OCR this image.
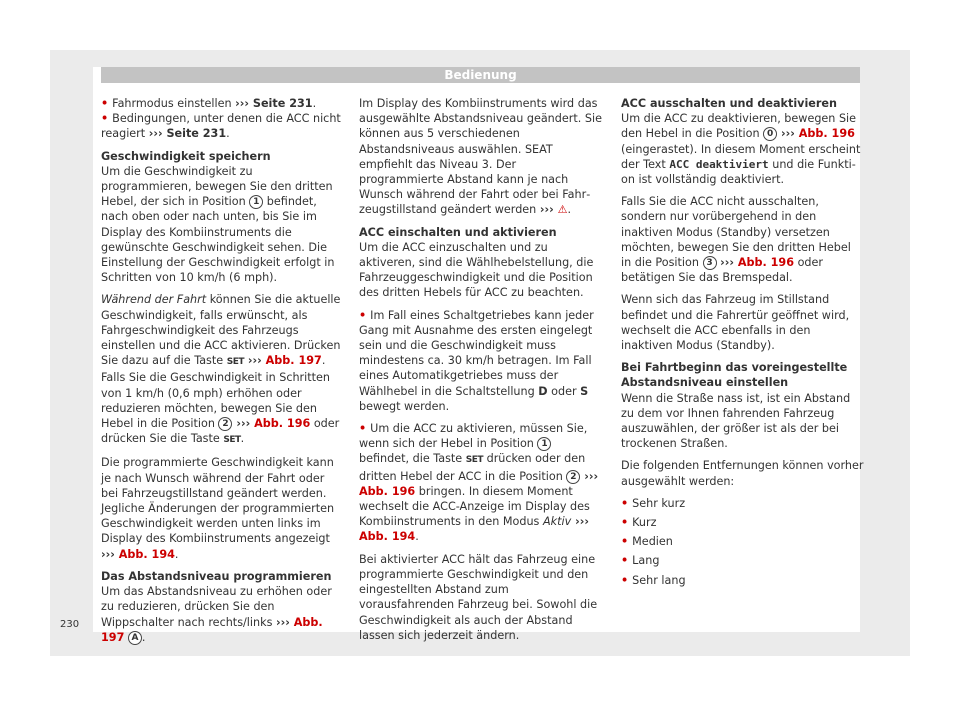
Bedienung

• Fahrmodus einstellen ››› Seite 231.

• Bedingungen, unter denen die ACC nicht reagiert ››› Seite 231.

Geschwindigkeit speichern

Um die Geschwindigkeit zu programmieren, bewegen Sie den dritten Hebel, der sich in Position 1 befindet, nach oben oder nach unten, bis Sie im Display des Kombiinstruments die gewünschte Geschwindigkeit sehen. Die Einstellung der Geschwindigkeit erfolgt in Schritten von 10 km/h (6 mph).

Während der Fahrt können Sie die aktuelle Geschwindigkeit, falls erwünscht, als Fahrgeschwindigkeit des Fahrzeugs einstellen und die ACC aktivieren. Drücken Sie dazu auf die Taste SET ››› Abb. 197. Falls Sie die Geschwindigkeit in Schritten von 1 km/h (0,6 mph) erhöhen oder reduzieren möchten, bewegen Sie den Hebel in die Position 2 ››› Abb. 196 oder drücken Sie die Taste SET.

Die programmierte Geschwindigkeit kann je nach Wunsch während der Fahrt oder bei Fahrzeugstillstand geändert werden. Jegliche Änderungen der programmierten Geschwindigkeit werden unten links im Display des Kombiinstruments angezeigt ››› Abb. 194.

Das Abstandsniveau programmieren

Um das Abstandsniveau zu erhöhen oder zu reduzieren, drücken Sie den Wippschalter nach rechts/links ››› Abb. 197 A .

Im Display des Kombiinstruments wird das ausgewählte Abstandsniveau geändert. Sie können aus 5 verschiedenen Abstandsniveaus auswählen. SEAT empfiehlt das Niveau 3. Der programmierte Abstand kann je nach Wunsch während der Fahrt oder bei Fahrzeugstillstand geändert werden ››› ⚠.

ACC einschalten und aktivieren

Um die ACC einzuschalten und zu aktiveren, sind die Wählhebelstellung, die Fahrzeuggeschwindigkeit und die Position des dritten Hebels für ACC zu beachten.

• Im Fall eines Schaltgetriebes kann jeder Gang mit Ausnahme des ersten eingelegt sein und die Geschwindigkeit muss mindestens ca. 30 km/h betragen. Im Fall eines Automatikgetriebes muss der Wählhebel in die Schaltstellung D oder S bewegt werden.

• Um die ACC zu aktivieren, müssen Sie, wenn sich der Hebel in Position 1 befindet, die Taste SET drücken oder den dritten Hebel der ACC in die Position 2 ››› Abb. 196 bringen. In diesem Moment wechselt die ACC-Anzeige im Display des Kombiinstruments in den Modus Aktiv ››› Abb. 194.

Bei aktivierter ACC hält das Fahrzeug eine programmierte Geschwindigkeit und den eingestellten Abstand zum vorausfahrenden Fahrzeug bei. Sowohl die Geschwindigkeit als auch der Abstand lassen sich jederzeit ändern.

ACC ausschalten und deaktivieren

Um die ACC zu deaktivieren, bewegen Sie den Hebel in die Position 0 ››› Abb. 196 (eingerastet). In diesem Moment erscheint der Text ACC deaktiviert und die Funktion ist vollständig deaktiviert.

Falls Sie die ACC nicht ausschalten, sondern nur vorübergehend in den inaktiven Modus (Standby) versetzen möchten, bewegen Sie den dritten Hebel in die Position 3 ››› Abb. 196 oder betätigen Sie das Bremspedal.

Wenn sich das Fahrzeug im Stillstand befindet und die Fahrertür geöffnet wird, wechselt die ACC ebenfalls in den inaktiven Modus (Standby).

Bei Fahrtbeginn das voreingestellte Abstandsniveau einstellen

Wenn die Straße nass ist, ist ein Abstand zu dem vor Ihnen fahrenden Fahrzeug auszuwählen, der größer ist als der bei trockenen Straßen.

Die folgenden Entfernungen können vorher ausgewählt werden:

• Sehr kurz
• Kurz
• Medien
• Lang
• Sehr lang
230
